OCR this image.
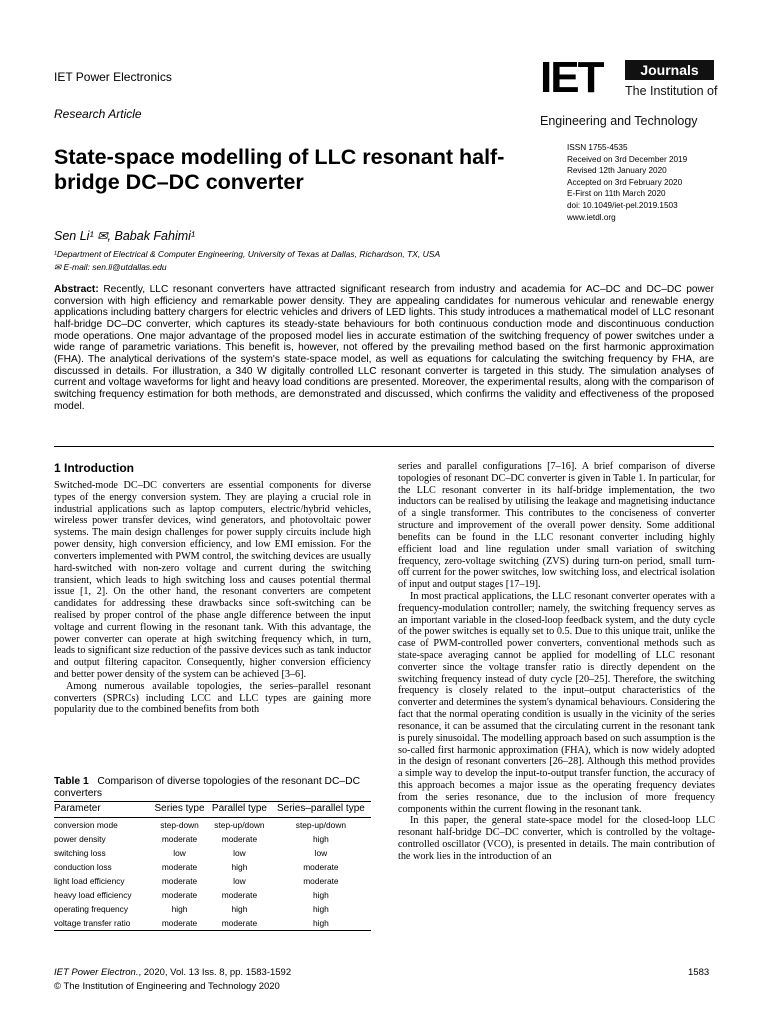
IET Power Electronics
Research Article
IET	Journals
The Institution of
Engineering and Technology
State-space modelling of LLC resonant half-bridge DC–DC converter
ISSN 1755-4535
Received on 3rd December 2019
Revised 12th January 2020
Accepted on 3rd February 2020
E-First on 11th March 2020
doi: 10.1049/iet-pel.2019.1503
www.ietdl.org
Sen Li¹ ✉, Babak Fahimi¹
¹Department of Electrical & Computer Engineering, University of Texas at Dallas, Richardson, TX, USA
✉ E-mail: sen.li@utdallas.edu
Abstract: Recently, LLC resonant converters have attracted significant research from industry and academia for AC–DC and DC–DC power conversion with high efficiency and remarkable power density. They are appealing candidates for numerous vehicular and renewable energy applications including battery chargers for electric vehicles and drivers of LED lights. This study introduces a mathematical model of LLC resonant half-bridge DC–DC converter, which captures its steady-state behaviours for both continuous conduction mode and discontinuous conduction mode operations. One major advantage of the proposed model lies in accurate estimation of the switching frequency of power switches under a wide range of parametric variations. This benefit is, however, not offered by the prevailing method based on the first harmonic approximation (FHA). The analytical derivations of the system's state-space model, as well as equations for calculating the switching frequency by FHA, are discussed in details. For illustration, a 340 W digitally controlled LLC resonant converter is targeted in this study. The simulation analyses of current and voltage waveforms for light and heavy load conditions are presented. Moreover, the experimental results, along with the comparison of switching frequency estimation for both methods, are demonstrated and discussed, which confirms the validity and effectiveness of the proposed model.
1 Introduction

Switched-mode DC–DC converters are essential components for diverse types of the energy conversion system. They are playing a crucial role in industrial applications such as laptop computers, electric/hybrid vehicles, wireless power transfer devices, wind generators, and photovoltaic power systems. The main design challenges for power supply circuits include high power density, high conversion efficiency, and low EMI emission. For the converters implemented with PWM control, the switching devices are usually hard-switched with non-zero voltage and current during the switching transient, which leads to high switching loss and causes potential thermal issue [1, 2]. On the other hand, the resonant converters are competent candidates for addressing these drawbacks since soft-switching can be realised by proper control of the phase angle difference between the input voltage and current flowing in the resonant tank. With this advantage, the power converter can operate at high switching frequency which, in turn, leads to significant size reduction of the passive devices such as tank inductor and output filtering capacitor. Consequently, higher conversion efficiency and better power density of the system can be achieved [3–6].

Among numerous available topologies, the series–parallel resonant converters (SPRCs) including LCC and LLC types are gaining more popularity due to the combined benefits from both

Table 1 Comparison of diverse topologies of the resonant DC–DC converters
Parameter	Series type	Parallel type	Series–parallel type
conversion mode	step-down	step-up/down	step-up/down
power density	moderate	moderate	high
switching loss	low	low	low
conduction loss	moderate	high	moderate
light load efficiency	moderate	low	moderate
heavy load efficiency	moderate	moderate	high
operating frequency	high	high	high
voltage transfer ratio	moderate	moderate	high

series and parallel configurations [7–16]. A brief comparison of diverse topologies of resonant DC–DC converter is given in Table 1. In particular, for the LLC resonant converter in its half-bridge implementation, the two inductors can be realised by utilising the leakage and magnetising inductance of a single transformer. This contributes to the conciseness of converter structure and improvement of the overall power density. Some additional benefits can be found in the LLC resonant converter including highly efficient load and line regulation under small variation of switching frequency, zero-voltage switching (ZVS) during turn-on period, small turn-off current for the power switches, low switching loss, and electrical isolation of input and output stages [17–19].

In most practical applications, the LLC resonant converter operates with a frequency-modulation controller; namely, the switching frequency serves as an important variable in the closed-loop feedback system, and the duty cycle of the power switches is equally set to 0.5. Due to this unique trait, unlike the case of PWM-controlled power converters, conventional methods such as state-space averaging cannot be applied for modelling of LLC resonant converter since the voltage transfer ratio is directly dependent on the switching frequency instead of duty cycle [20–25]. Therefore, the switching frequency is closely related to the input–output characteristics of the converter and determines the system's dynamical behaviours. Considering the fact that the normal operating condition is usually in the vicinity of the series resonance, it can be assumed that the circulating current in the resonant tank is purely sinusoidal. The modelling approach based on such assumption is the so-called first harmonic approximation (FHA), which is now widely adopted in the design of resonant converters [26–28]. Although this method provides a simple way to develop the input-to-output transfer function, the accuracy of this approach becomes a major issue as the operating frequency deviates from the series resonance, due to the inclusion of more frequency components within the current flowing in the resonant tank.

In this paper, the general state-space model for the closed-loop LLC resonant half-bridge DC–DC converter, which is controlled by the voltage-controlled oscillator (VCO), is presented in details. The main contribution of the work lies in the introduction of an

IET Power Electron., 2020, Vol. 13 Iss. 8, pp. 1583-1592
© The Institution of Engineering and Technology 2020
1583
